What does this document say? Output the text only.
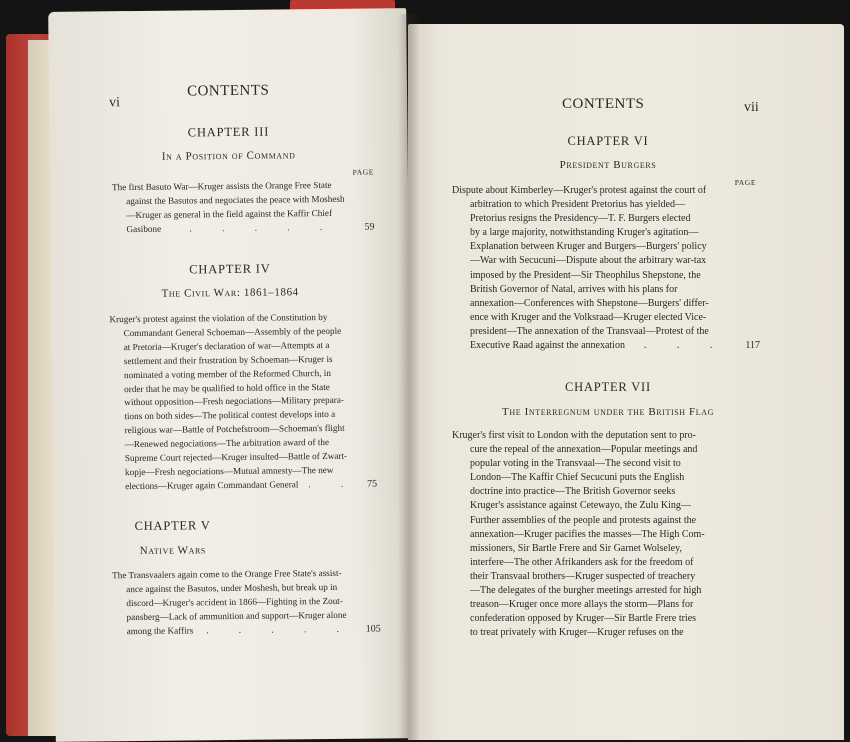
vi
CONTENTS
CHAPTER III
In a Position of Command
PAGE
The first Basuto War—Kruger assists the Orange Free State
against the Basutos and negociates the peace with Moshesh
—Kruger as general in the field against the Kaffir Chief
Gasibone	. . . . .	59
CHAPTER IV
The Civil War: 1861–1864
Kruger's protest against the violation of the Constitution by
Commandant General Schoeman—Assembly of the people
at Pretoria—Kruger's declaration of war—Attempts at a
settlement and their frustration by Schoeman—Kruger is
nominated a voting member of the Reformed Church, in
order that he may be qualified to hold office in the State
without opposition—Fresh negociations—Military prepara-
tions on both sides—The political contest develops into a
religious war—Battle of Potchefstroom—Schoeman's flight
—Renewed negociations—The arbitration award of the
Supreme Court rejected—Kruger insulted—Battle of Zwart-
kopje—Fresh negociations—Mutual amnesty—The new
elections—Kruger again Commandant General	. . 75
CHAPTER V
Native Wars
The Transvaalers again come to the Orange Free State's assist-
ance against the Basutos, under Moshesh, but break up in
discord—Kruger's accident in 1866—Fighting in the Zout-
pansberg—Lack of ammunition and support—Kruger alone
among the Kaffirs	. . . . .	105
CONTENTS	vii
CHAPTER VI
President Burgers
PAGE
Dispute about Kimberley—Kruger's protest against the court of
arbitration to which President Pretorius has yielded—
Pretorius resigns the Presidency—T. F. Burgers elected
by a large majority, notwithstanding Kruger's agitation—
Explanation between Kruger and Burgers—Burgers' policy
—War with Secucuni—Dispute about the arbitrary war-tax
imposed by the President—Sir Theophilus Shepstone, the
British Governor of Natal, arrives with his plans for
annexation—Conferences with Shepstone—Burgers' differ-
ence with Kruger and the Volksraad—Kruger elected Vice-
president—The annexation of the Transvaal—Protest of the
Executive Raad against the annexation	. . .	117
CHAPTER VII
The Interregnum under the British Flag
Kruger's first visit to London with the deputation sent to pro-
cure the repeal of the annexation—Popular meetings and
popular voting in the Transvaal—The second visit to
London—The Kaffir Chief Secucuni puts the English
doctrine into practice—The British Governor seeks
Kruger's assistance against Cetewayo, the Zulu King—
Further assemblies of the people and protests against the
annexation—Kruger pacifies the masses—The High Com-
missioners, Sir Bartle Frere and Sir Garnet Wolseley,
interfere—The other Afrikanders ask for the freedom of
their Transvaal brothers—Kruger suspected of treachery
—The delegates of the burgher meetings arrested for high
treason—Kruger once more allays the storm—Plans for
confederation opposed by Kruger—Sir Bartle Frere tries
to treat privately with Kruger—Kruger refuses on the
